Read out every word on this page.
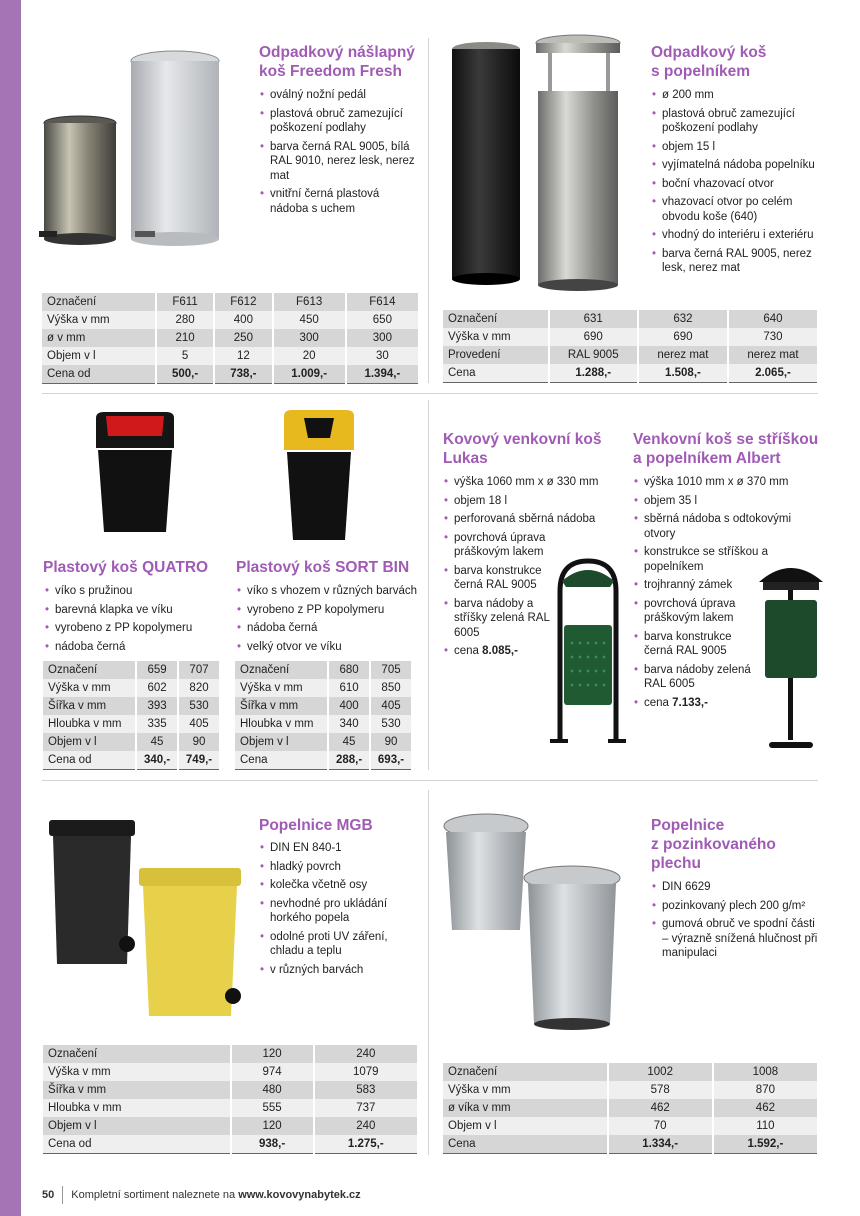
Odpadkový nášlapný
koš Freedom Fresh
• oválný nožní pedál
• plastová obruč zamezující poškození podlahy
• barva černá RAL 9005, bílá RAL 9010, nerez lesk, nerez mat
• vnitřní černá plastová nádoba s uchem
Označení	F611	F612	F613	F614
Výška v mm	280	400	450	650
ø v mm	210	250	300	300
Objem v l	5	12	20	30
Cena od	500,-	738,-	1.009,-	1.394,-
Odpadkový koš
s popelníkem
• ø 200 mm
• plastová obruč zamezující poškození podlahy
• objem 15 l
• vyjímatelná nádoba popelníku
• boční vhazovací otvor
• vhazovací otvor po celém obvodu koše (640)
• vhodný do interiéru i exteriéru
• barva černá RAL 9005, nerez lesk, nerez mat
Označení	631	632	640
Výška v mm	690	690	730
Provedení	RAL 9005	nerez mat	nerez mat
Cena	1.288,-	1.508,-	2.065,-
Plastový koš QUATRO
• víko s pružinou
• barevná klapka ve víku
• vyrobeno z PP kopolymeru
• nádoba černá
Označení	659	707
Výška v mm	602	820
Šířka v mm	393	530
Hloubka v mm	335	405
Objem v l	45	90
Cena od	340,-	749,-
Plastový koš SORT BIN
• víko s vhozem v různých barvách
• vyrobeno z PP kopolymeru
• nádoba černá
• velký otvor ve víku
Označení	680	705
Výška v mm	610	850
Šířka v mm	400	405
Hloubka v mm	340	530
Objem v l	45	90
Cena	288,-	693,-
Kovový venkovní koš
Lukas
• výška 1060 mm x ø 330 mm
• objem 18 l
• perforovaná sběrná nádoba
• povrchová úprava práškovým lakem
• barva konstrukce černá RAL 9005
• barva nádoby a stříšky zelená RAL 6005
• cena 8.085,-
Venkovní koš se stříškou
a popelníkem Albert
• výška 1010 mm x ø 370 mm
• objem 35 l
• sběrná nádoba s odtokovými otvory
• konstrukce se stříškou a popelníkem
• trojhranný zámek
• povrchová úprava práškovým lakem
• barva konstrukce černá RAL 9005
• barva nádoby zelená RAL 6005
• cena 7.133,-
Popelnice MGB
• DIN EN 840-1
• hladký povrch
• kolečka včetně osy
• nevhodné pro ukládání horkého popela
• odolné proti UV záření, chladu a teplu
• v různých barvách
Označení	120	240
Výška v mm	974	1079
Šířka v mm	480	583
Hloubka v mm	555	737
Objem v l	120	240
Cena od	938,-	1.275,-
Popelnice
z pozinkovaného
plechu
• DIN 6629
• pozinkovaný plech 200 g/m²
• gumová obruč ve spodní části – výrazně snížená hlučnost při manipulaci
Označení	1002	1008
Výška v mm	578	870
ø víka v mm	462	462
Objem v l	70	110
Cena	1.334,-	1.592,-
50 Kompletní sortiment naleznete na www.kovovynabytek.cz
